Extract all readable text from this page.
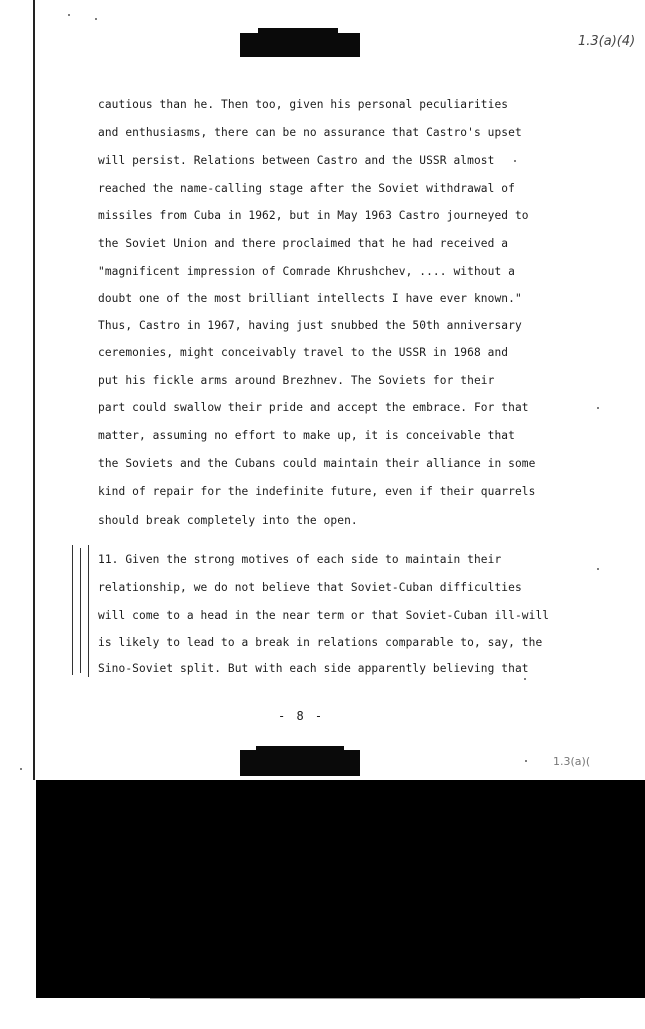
1.3(a)(4)
cautious than he. Then too, given his personal peculiarities
and enthusiasms, there can be no assurance that Castro's upset
will persist. Relations between Castro and the USSR almost
reached the name-calling stage after the Soviet withdrawal of
missiles from Cuba in 1962, but in May 1963 Castro journeyed to
the Soviet Union and there proclaimed that he had received a
"magnificent impression of Comrade Khrushchev, .... without a
doubt one of the most brilliant intellects I have ever known."
Thus, Castro in 1967, having just snubbed the 50th anniversary
ceremonies, might conceivably travel to the USSR in 1968 and
put his fickle arms around Brezhnev. The Soviets for their
part could swallow their pride and accept the embrace. For that
matter, assuming no effort to make up, it is conceivable that
the Soviets and the Cubans could maintain their alliance in some
kind of repair for the indefinite future, even if their quarrels
should break completely into the open.
11. Given the strong motives of each side to maintain their
relationship, we do not believe that Soviet-Cuban difficulties
will come to a head in the near term or that Soviet-Cuban ill-will
is likely to lead to a break in relations comparable to, say, the
Sino-Soviet split. But with each side apparently believing that
- 8 -
1.3(a)(
